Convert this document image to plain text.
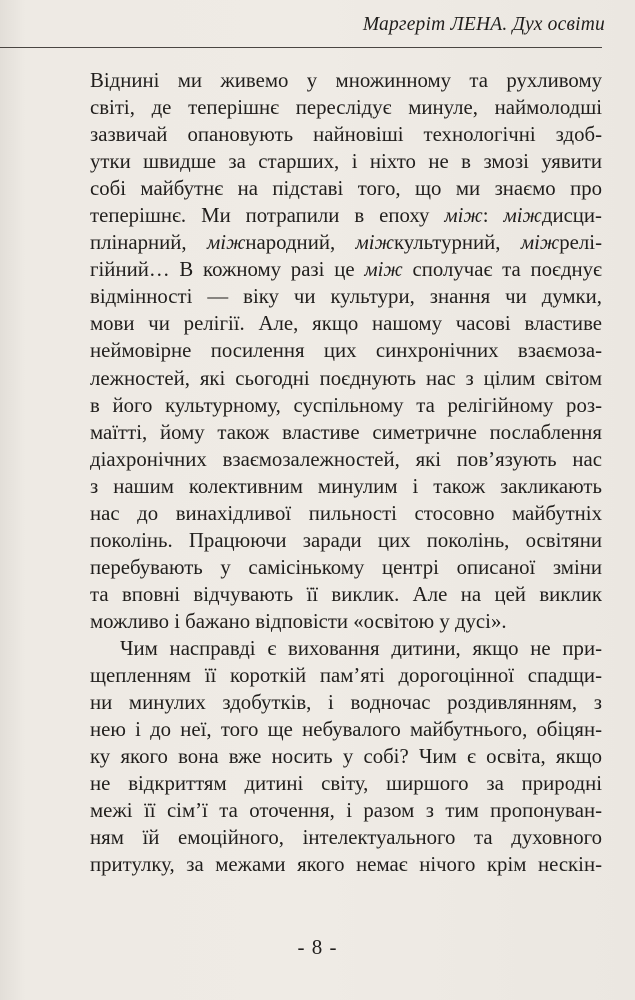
Маргеріт ЛЕНА. Дух освіти
Віднині ми живемо у множинному та рухливому
світі, де теперішнє переслідує минуле, наймолодші
зазвичай опановують найновіші технологічні здоб-
утки швидше за старших, і ніхто не в змозі уявити
собі майбутнє на підставі того, що ми знаємо про
теперішнє. Ми потрапили в епоху між: міждисци-
плінарний, міжнародний, міжкультурний, міжрелі-
гійний… В кожному разі це між сполучає та поєднує
відмінності — віку чи культури, знання чи думки,
мови чи релігії. Але, якщо нашому часові властиве
неймовірне посилення цих синхронічних взаємоза-
лежностей, які сьогодні поєднують нас з цілим світом
в його культурному, суспільному та релігійному роз-
маїтті, йому також властиве симетричне послаблення
діахронічних взаємозалежностей, які пов’язують нас
з нашим колективним минулим і також закликають
нас до винахідливої пильності стосовно майбутніх
поколінь. Працюючи заради цих поколінь, освітяни
перебувають у самісінькому центрі описаної зміни
та вповні відчувають її виклик. Але на цей виклик
можливо і бажано відповісти «освітою у дусі».
Чим насправді є виховання дитини, якщо не при-
щепленням її короткій пам’яті дорогоцінної спадщи-
ни минулих здобутків, і водночас роздивлянням, з
нею і до неї, того ще небувалого майбутнього, обіцян-
ку якого вона вже носить у собі? Чим є освіта, якщо
не відкриттям дитині світу, ширшого за природні
межі її сім’ї та оточення, і разом з тим пропонуван-
ням їй емоційного, інтелектуального та духовного
притулку, за межами якого немає нічого крім нескін-
- 8 -
